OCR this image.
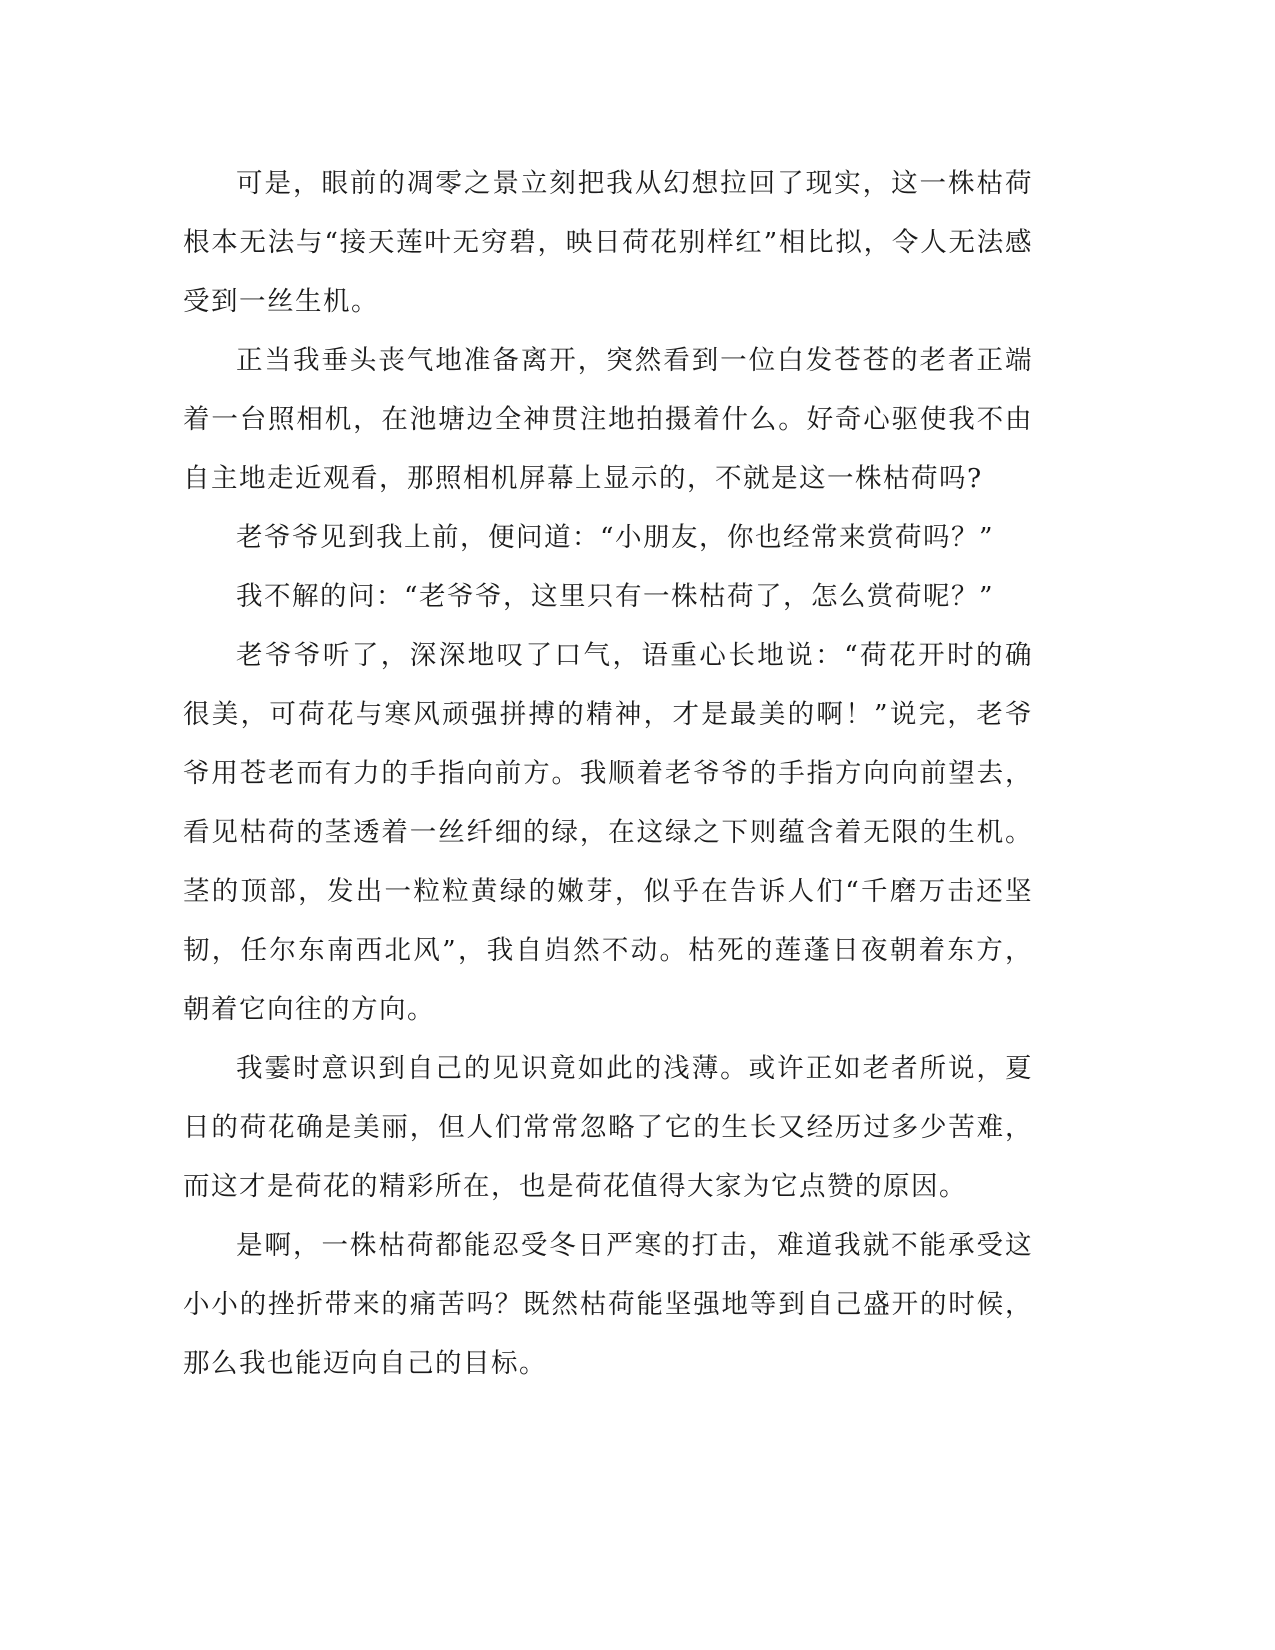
可是，眼前的凋零之景立刻把我从幻想拉回了现实，这一株枯荷根本无法与“接天莲叶无穷碧，映日荷花别样红”相比拟，令人无法感受到一丝生机。

正当我垂头丧气地准备离开，突然看到一位白发苍苍的老者正端着一台照相机，在池塘边全神贯注地拍摄着什么。好奇心驱使我不由自主地走近观看，那照相机屏幕上显示的，不就是这一株枯荷吗?

老爷爷见到我上前，便问道：“小朋友，你也经常来赏荷吗？”

我不解的问：“老爷爷，这里只有一株枯荷了，怎么赏荷呢？”

老爷爷听了，深深地叹了口气，语重心长地说：“荷花开时的确很美，可荷花与寒风顽强拼搏的精神，才是最美的啊！”说完，老爷爷用苍老而有力的手指向前方。我顺着老爷爷的手指方向向前望去，看见枯荷的茎透着一丝纤细的绿，在这绿之下则蕴含着无限的生机。茎的顶部，发出一粒粒黄绿的嫩芽，似乎在告诉人们“千磨万击还坚韧，任尔东南西北风”，我自岿然不动。枯死的莲蓬日夜朝着东方，朝着它向往的方向。

我霎时意识到自己的见识竟如此的浅薄。或许正如老者所说，夏日的荷花确是美丽，但人们常常忽略了它的生长又经历过多少苦难，而这才是荷花的精彩所在，也是荷花值得大家为它点赞的原因。

是啊，一株枯荷都能忍受冬日严寒的打击，难道我就不能承受这小小的挫折带来的痛苦吗？既然枯荷能坚强地等到自己盛开的时候，那么我也能迈向自己的目标。
